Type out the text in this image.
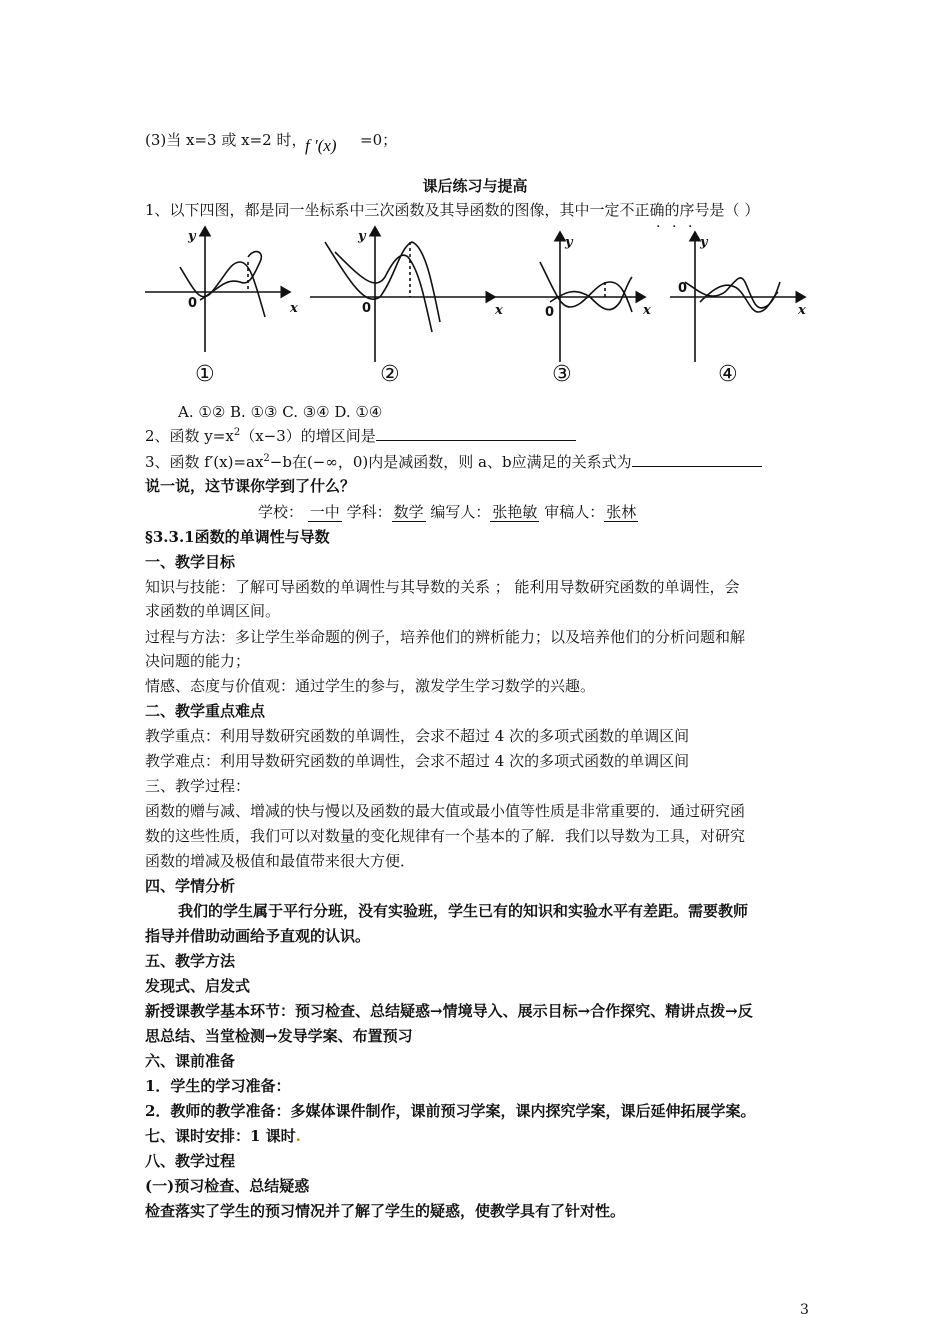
(3)当 x=3 或 x=2 时，
f ′(x) =0；
课后练习与提高
1、以下四图，都是同一坐标系中三次函数及其导函数的图像，其中一定不正确的序号是（ ）
· · ·
y
x
y
x
y
x
y
x
0	0	0
0
①	②	③	④
A. ①② B. ①③ C. ③④ D. ①④
2、函数 $y=x^2(x-3)$的增区间是
3、函数 $f'(x)=ax^2-b$在(−∞，0)内是减函数，则 a、b应满足的关系式为
说一说，这节课你学到了什么？
学校： 一中 学科： 数学 编写人： 张艳敏 审稿人： 张林
§3.3.1函数的单调性与导数
一、教学目标
知识与技能：了解可导函数的单调性与其导数的关系 ； 能利用导数研究函数的单调性，会
求函数的单调区间。
过程与方法：多让学生举命题的例子，培养他们的辨析能力；以及培养他们的分析问题和解
决问题的能力；
情感、态度与价值观：通过学生的参与，激发学生学习数学的兴趣。
二、教学重点难点
教学重点：利用导数研究函数的单调性，会求不超过 4 次的多项式函数的单调区间
教学难点：利用导数研究函数的单调性，会求不超过 4 次的多项式函数的单调区间
三、教学过程：
函数的赠与减、增减的快与慢以及函数的最大值或最小值等性质是非常重要的．通过研究函
数的这些性质，我们可以对数量的变化规律有一个基本的了解．我们以导数为工具，对研究
函数的增减及极值和最值带来很大方便．
四、学情分析
我们的学生属于平行分班，没有实验班，学生已有的知识和实验水平有差距。需要教师
指导并借助动画给予直观的认识。
五、教学方法
发现式、启发式
新授课教学基本环节：预习检查、总结疑惑→情境导入、展示目标→合作探究、精讲点拨→反
思总结、当堂检测→发导学案、布置预习
六、课前准备
1．学生的学习准备：
2．教师的教学准备：多媒体课件制作，课前预习学案，课内探究学案，课后延伸拓展学案。
七、课时安排：1 课时.
八、教学过程
(一)预习检查、总结疑惑
检查落实了学生的预习情况并了解了学生的疑惑，使教学具有了针对性。
3
